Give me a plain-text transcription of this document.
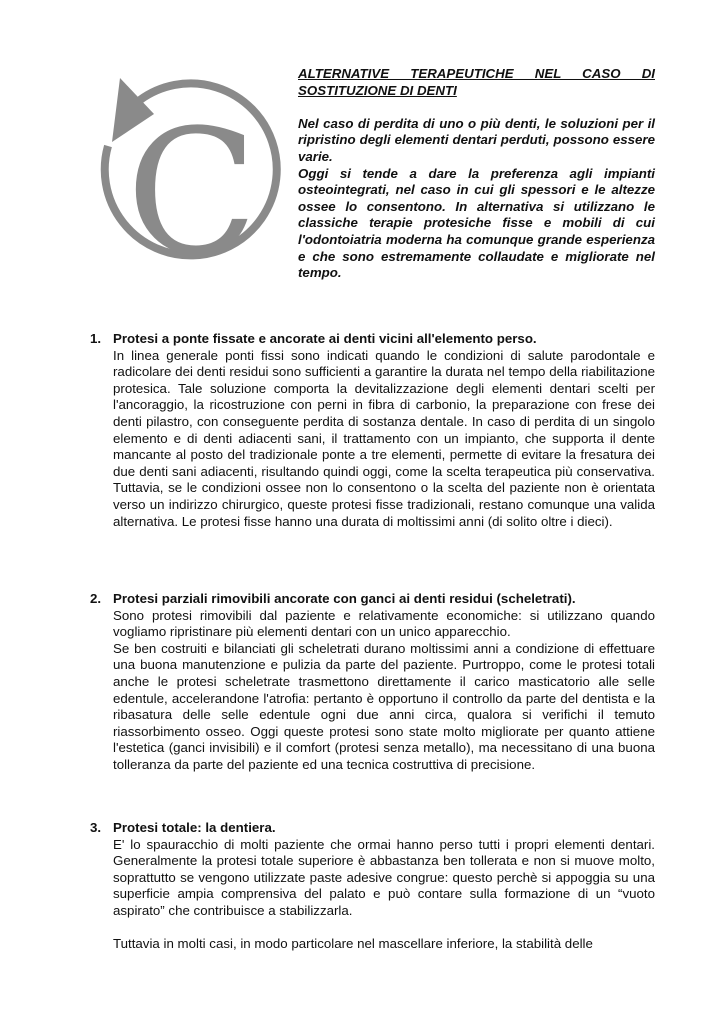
C
ALTERNATIVE TERAPEUTICHE NEL CASO DI SOSTITUZIONE DI DENTI

Nel caso di perdita di uno o più denti, le soluzioni per il ripristino degli elementi dentari perduti, possono essere varie.

Oggi si tende a dare la preferenza agli impianti osteointegrati, nel caso in cui gli spessori e le altezze ossee lo consentono. In alternativa si utilizzano le classiche terapie protesiche fisse e mobili di cui l'odontoiatria moderna ha comunque grande esperienza e che sono estremamente collaudate e migliorate nel tempo.

1. Protesi a ponte fissate e ancorate ai denti vicini all'elemento perso.

In linea generale ponti fissi sono indicati quando le condizioni di salute parodontale e radicolare dei denti residui sono sufficienti a garantire la durata nel tempo della riabilitazione protesica. Tale soluzione comporta la devitalizzazione degli elementi dentari scelti per l'ancoraggio, la ricostruzione con perni in fibra di carbonio, la preparazione con frese dei denti pilastro, con conseguente perdita di sostanza dentale. In caso di perdita di un singolo elemento e di denti adiacenti sani, il trattamento con un impianto, che supporta il dente mancante al posto del tradizionale ponte a tre elementi, permette di evitare la fresatura dei due denti sani adiacenti, risultando quindi oggi, come la scelta terapeutica più conservativa. Tuttavia, se le condizioni ossee non lo consentono o la scelta del paziente non è orientata verso un indirizzo chirurgico, queste protesi fisse tradizionali, restano comunque una valida alternativa. Le protesi fisse hanno una durata di moltissimi anni (di solito oltre i dieci).

2. Protesi parziali rimovibili ancorate con ganci ai denti residui (scheletrati).

Sono protesi rimovibili dal paziente e relativamente economiche: si utilizzano quando vogliamo ripristinare più elementi dentari con un unico apparecchio.

Se ben costruiti e bilanciati gli scheletrati durano moltissimi anni a condizione di effettuare una buona manutenzione e pulizia da parte del paziente. Purtroppo, come le protesi totali anche le protesi scheletrate trasmettono direttamente il carico masticatorio alle selle edentule, accelerandone l'atrofia: pertanto è opportuno il controllo da parte del dentista e la ribasatura delle selle edentule ogni due anni circa, qualora si verifichi il temuto riassorbimento osseo. Oggi queste protesi sono state molto migliorate per quanto attiene l'estetica (ganci invisibili) e il comfort (protesi senza metallo), ma necessitano di una buona tolleranza da parte del paziente ed una tecnica costruttiva di precisione.

3. Protesi totale: la dentiera.

E' lo spauracchio di molti paziente che ormai hanno perso tutti i propri elementi dentari. Generalmente la protesi totale superiore è abbastanza ben tollerata e non si muove molto, soprattutto se vengono utilizzate paste adesive congrue: questo perchè si appoggia su una superficie ampia comprensiva del palato e può contare sulla formazione di un “vuoto aspirato” che contribuisce a stabilizzarla.

Tuttavia in molti casi, in modo particolare nel mascellare inferiore, la stabilità delle
